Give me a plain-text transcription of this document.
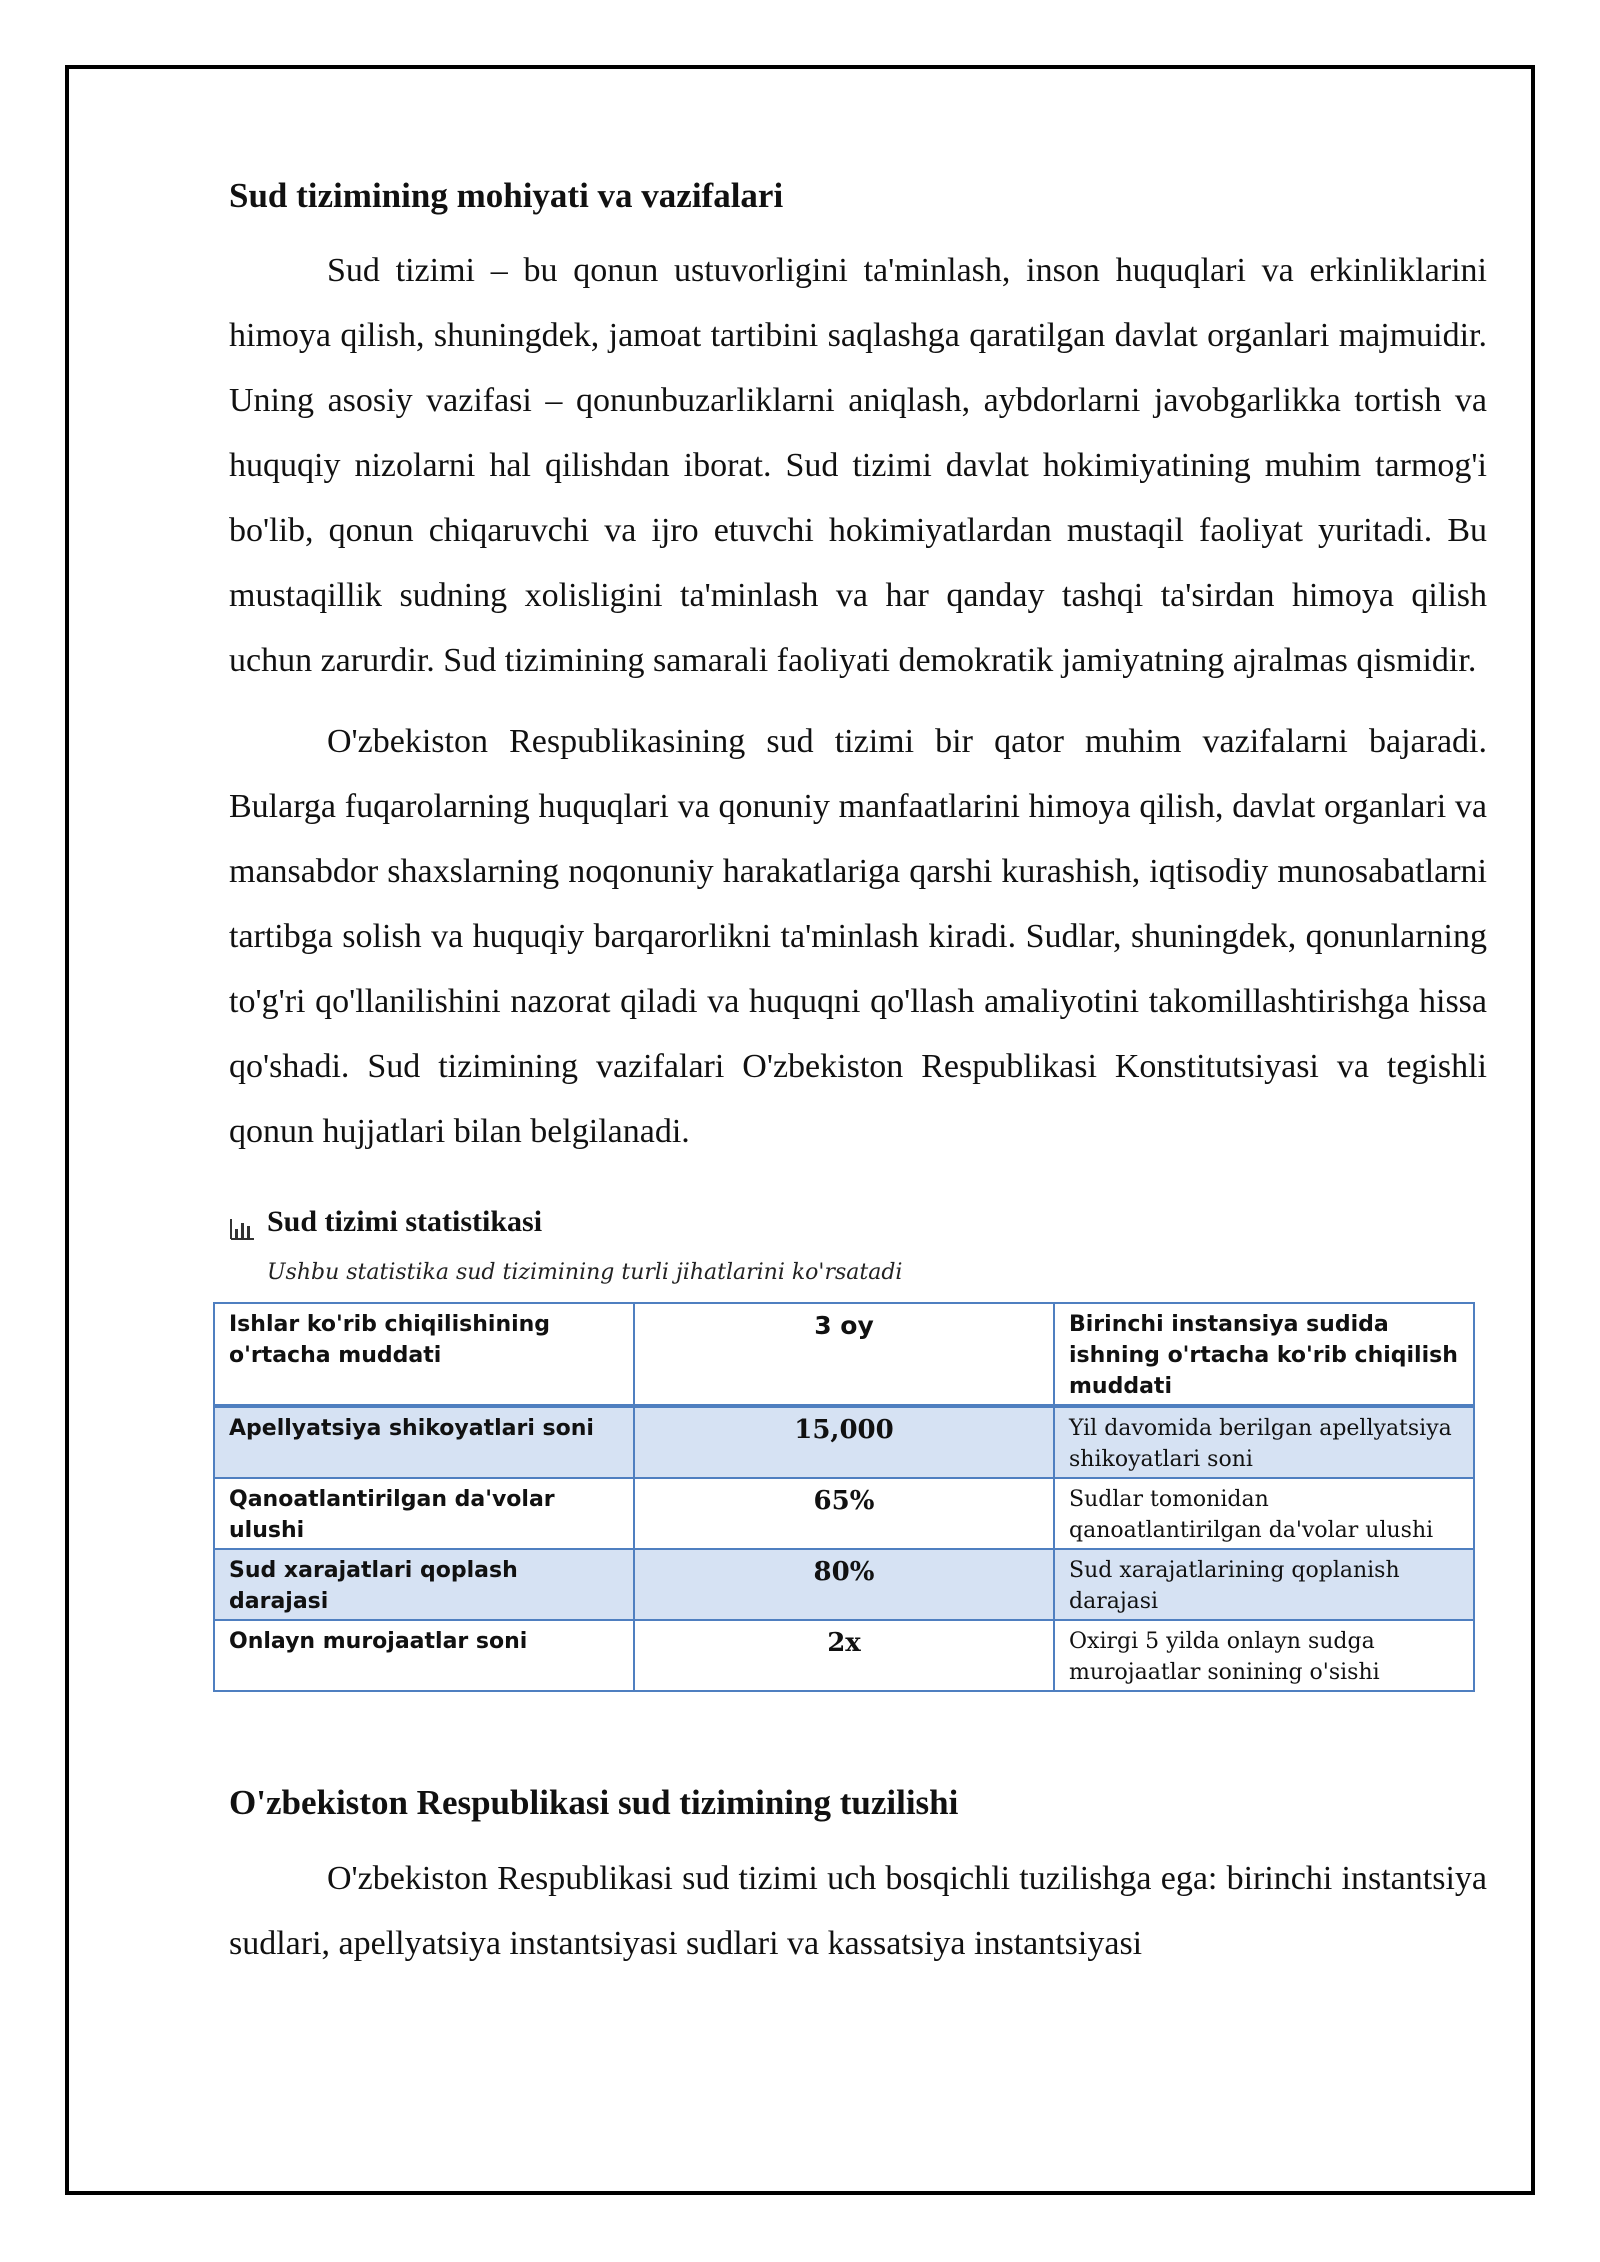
Sud tizimining mohiyati va vazifalari

Sud tizimi – bu qonun ustuvorligini ta'minlash, inson huquqlari va erkinliklarini himoya qilish, shuningdek, jamoat tartibini saqlashga qaratilgan davlat organlari majmuidir. Uning asosiy vazifasi – qonunbuzarliklarni aniqlash, aybdorlarni javobgarlikka tortish va huquqiy nizolarni hal qilishdan iborat. Sud tizimi davlat hokimiyatining muhim tarmog'i bo'lib, qonun chiqaruvchi va ijro etuvchi hokimiyatlardan mustaqil faoliyat yuritadi. Bu mustaqillik sudning xolisligini ta'minlash va har qanday tashqi ta'sirdan himoya qilish uchun zarurdir. Sud tizimining samarali faoliyati demokratik jamiyatning ajralmas qismidir.

O'zbekiston Respublikasining sud tizimi bir qator muhim vazifalarni bajaradi. Bularga fuqarolarning huquqlari va qonuniy manfaatlarini himoya qilish, davlat organlari va mansabdor shaxslarning noqonuniy harakatlariga qarshi kurashish, iqtisodiy munosabatlarni tartibga solish va huquqiy barqarorlikni ta'minlash kiradi. Sudlar, shuningdek, qonunlarning to'g'ri qo'llanilishini nazorat qiladi va huquqni qo'llash amaliyotini takomillashtirishga hissa qo'shadi. Sud tizimining vazifalari O'zbekiston Respublikasi Konstitutsiyasi va tegishli qonun hujjatlari bilan belgilanadi.

Sud tizimi statistikasi
Ushbu statistika sud tizimining turli jihatlarini ko'rsatadi
Ishlar ko'rib chiqilishining o'rtacha muddati	3 oy	Birinchi instansiya sudida ishning o'rtacha ko'rib chiqilish muddati
Apellyatsiya shikoyatlari soni	15,000	Yil davomida berilgan apellyatsiya shikoyatlari soni
Qanoatlantirilgan da'volar ulushi	65%	Sudlar tomonidan qanoatlantirilgan da'volar ulushi
Sud xarajatlari qoplash darajasi	80%	Sud xarajatlarining qoplanish darajasi
Onlayn murojaatlar soni	2x	Oxirgi 5 yilda onlayn sudga murojaatlar sonining o'sishi
O'zbekiston Respublikasi sud tizimining tuzilishi

O'zbekiston Respublikasi sud tizimi uch bosqichli tuzilishga ega: birinchi instantsiya sudlari, apellyatsiya instantsiyasi sudlari va kassatsiya instantsiyasi
